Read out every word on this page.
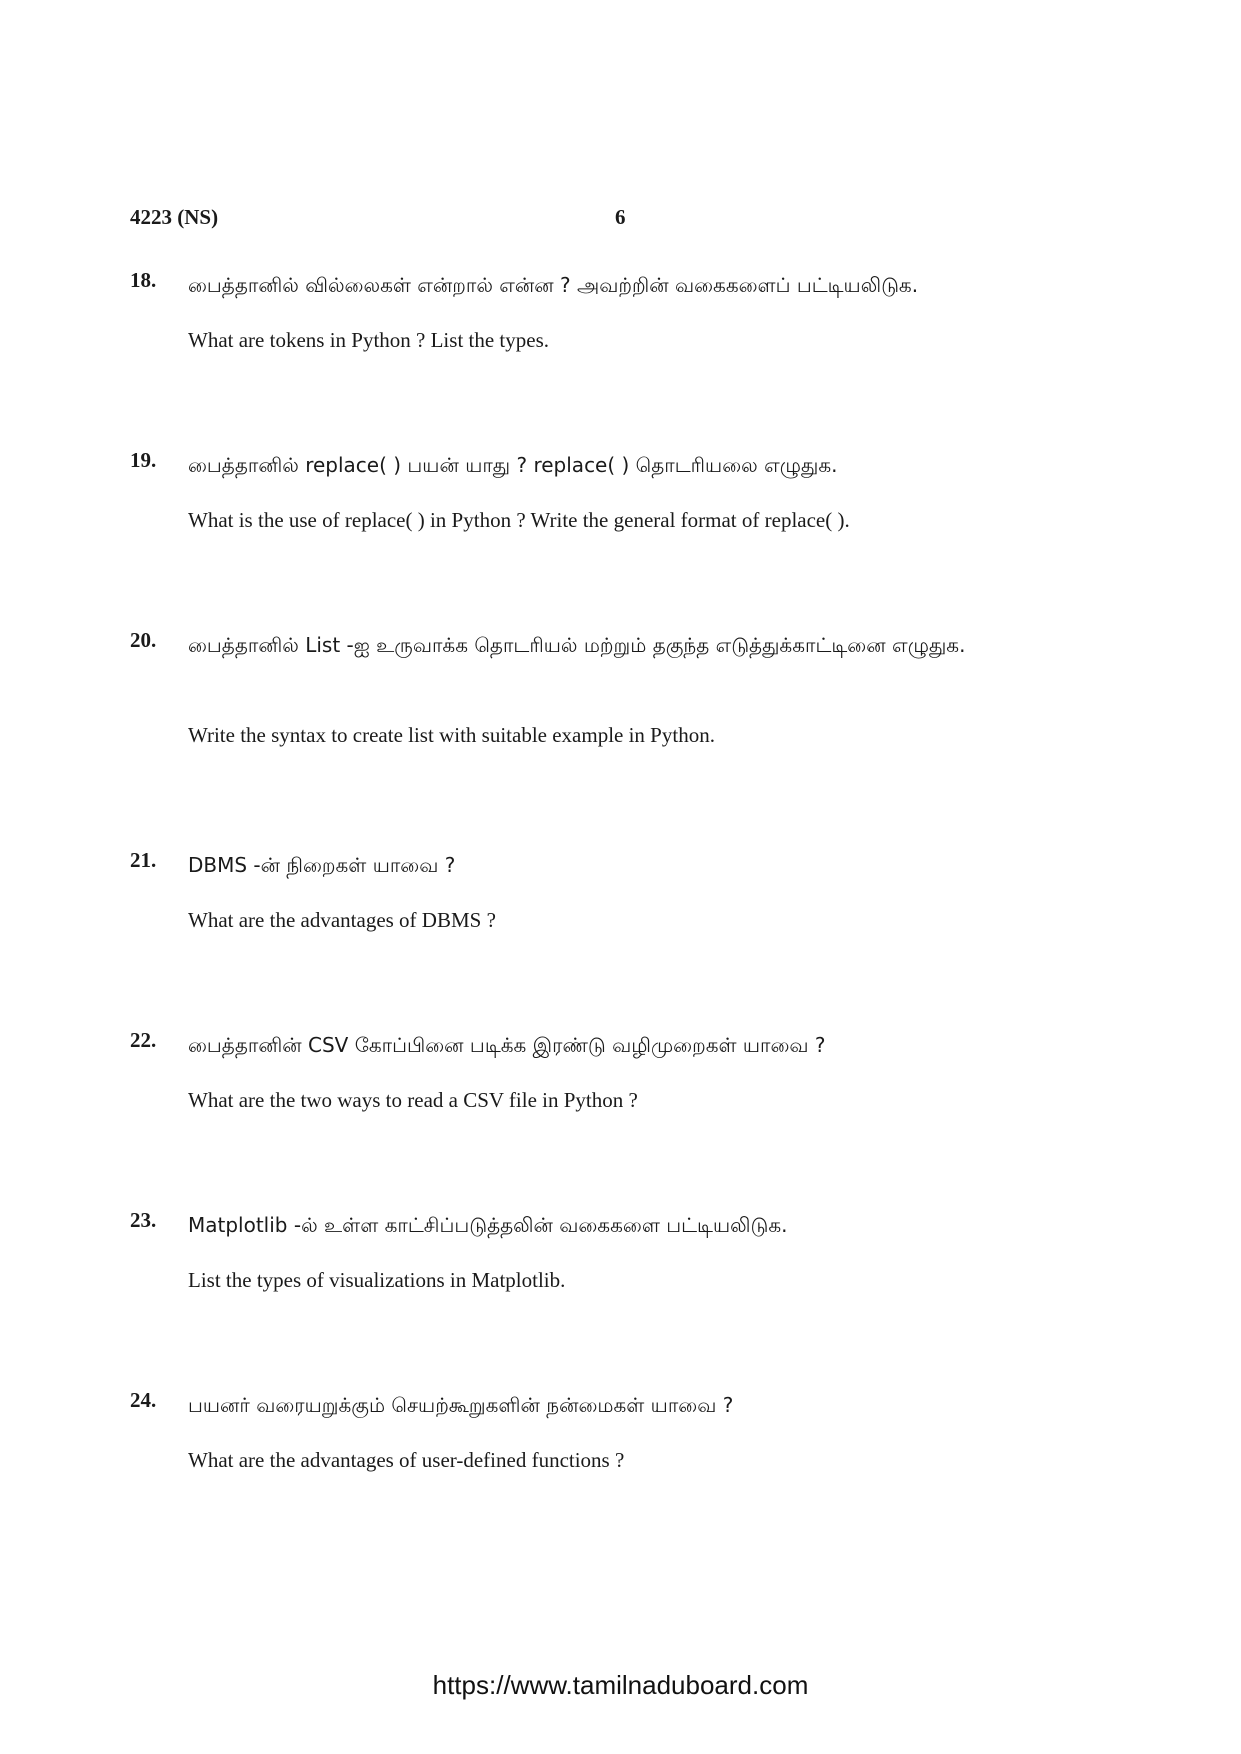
4223 (NS)	6
18. பைத்தானில் வில்லைகள் என்றால் என்ன ? அவற்றின் வகைகளைப் பட்டியலிடுக.
What are tokens in Python ? List the types.
19. பைத்தானில் replace( ) பயன் யாது ? replace( ) தொடரியலை எழுதுக.
What is the use of replace( ) in Python ? Write the general format of replace( ).
20. பைத்தானில் List -ஐ உருவாக்க தொடரியல் மற்றும் தகுந்த எடுத்துக்காட்டினை எழுதுக.
Write the syntax to create list with suitable example in Python.
21. DBMS -ன் நிறைகள் யாவை ?
What are the advantages of DBMS ?
22. பைத்தானின் CSV கோப்பினை படிக்க இரண்டு வழிமுறைகள் யாவை ?
What are the two ways to read a CSV file in Python ?
23. Matplotlib -ல் உள்ள காட்சிப்படுத்தலின் வகைகளை பட்டியலிடுக.
List the types of visualizations in Matplotlib.
24. பயனர் வரையறுக்கும் செயற்கூறுகளின் நன்மைகள் யாவை ?
What are the advantages of user-defined functions ?
https://www.tamilnaduboard.com
